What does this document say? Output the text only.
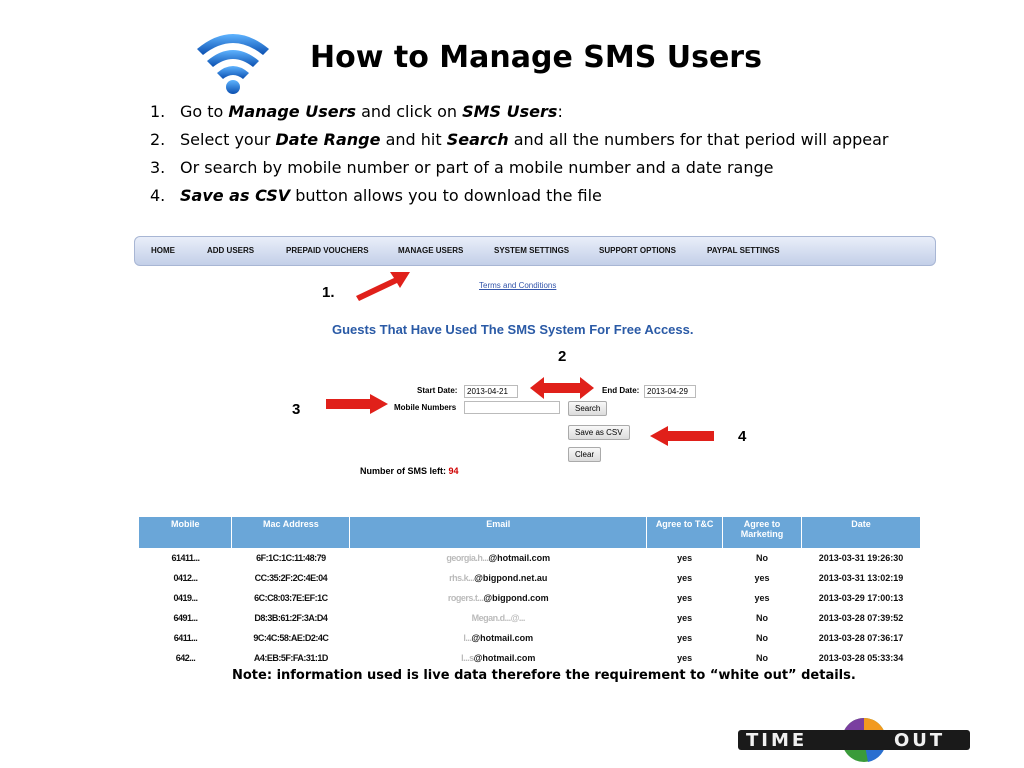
How to Manage SMS Users
1. Go to Manage Users and click on SMS Users:
2. Select your Date Range and hit Search and all the numbers for that period will appear
3. Or search by mobile number or part of a mobile number and a date range
4. Save as CSV button allows you to download the file
HOME	ADD USERS	PREPAID VOUCHERS	MANAGE USERS	SYSTEM SETTINGS	SUPPORT OPTIONS	PAYPAL SETTINGS
1.
2
3
4
Terms and Conditions
Guests That Have Used The SMS System For Free Access.
Start Date:
2013-04-21	End Date:
2013-04-29
Mobile Numbers	Search
Save as CSV
Clear
Number of SMS left: 94
Mobile	Mac Address	Email	Agree to T&C	Agree to Marketing	Date
61411...	6F:1C:1C:11:48:79	georgia.h...@hotmail.com	yes	No	2013-03-31 19:26:30
0412...	CC:35:2F:2C:4E:04	rhs.k...@bigpond.net.au	yes	yes	2013-03-31 13:02:19
0419...	6C:C8:03:7E:EF:1C	rogers.t...@bigpond.com	yes	yes	2013-03-29 17:00:13
6491...	D8:3B:61:2F:3A:D4	Megan.d...@...	yes	No	2013-03-28 07:39:52
6411...	9C:4C:58:AE:D2:4C	l...@hotmail.com	yes	No	2013-03-28 07:36:17
642...	A4:EB:5F:FA:31:1D	l...s@hotmail.com	yes	No	2013-03-28 05:33:34
Note: information used is live data therefore the requirement to “white out” details.
TIME	OUT
